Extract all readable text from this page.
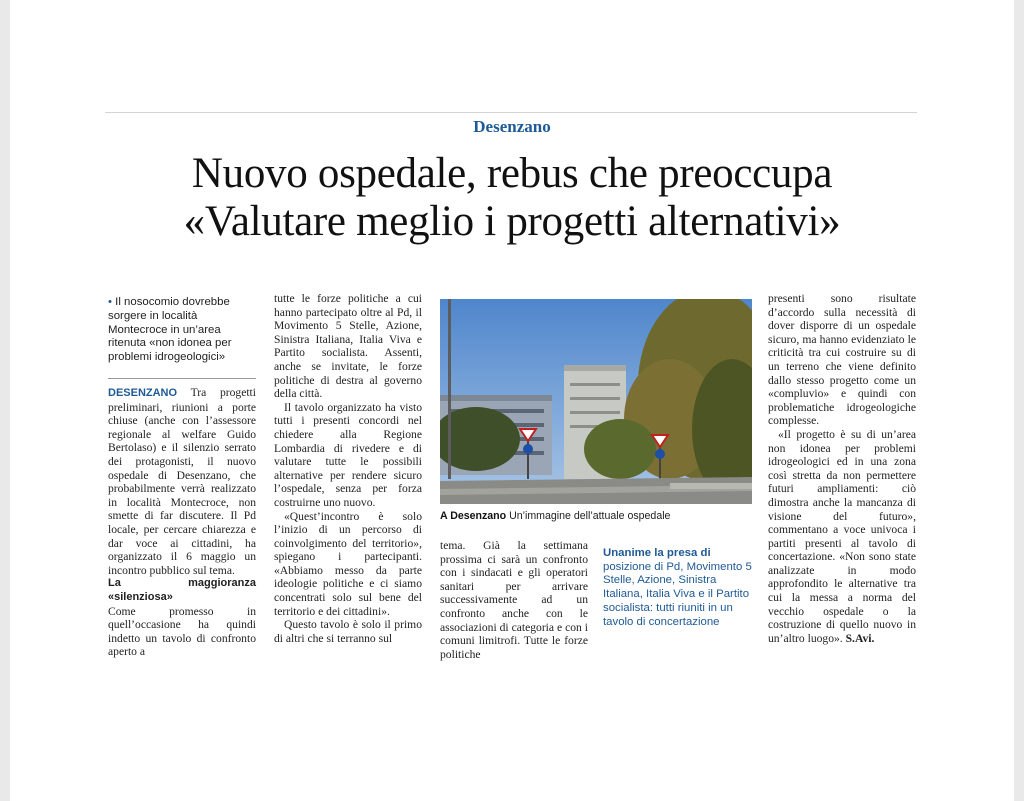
Desenzano
Nuovo ospedale, rebus che preoccupa
«Valutare meglio i progetti alternativi»
• Il nosocomio dovrebbe sorgere in località Montecroce in un’area ritenuta «non idonea per problemi idrogeologici»

DESENZANO Tra progetti preliminari, riunioni a porte chiuse (anche con l’assessore regionale al welfare Guido Bertolaso) e il silenzio serrato dei protagonisti, il nuovo ospedale di Desenzano, che probabilmente verrà realizzato in località Montecroce, non smette di far discutere. Il Pd locale, per cercare chiarezza e dar voce ai cittadini, ha organizzato il 6 maggio un incontro pubblico sul tema.

La maggioranza «silenziosa»

Come promesso in quell’occasione ha quindi indetto un tavolo di confronto aperto a

tutte le forze politiche a cui hanno partecipato oltre al Pd, il Movimento 5 Stelle, Azione, Sinistra Italiana, Italia Viva e Partito socialista. Assenti, anche se invitate, le forze politiche di destra al governo della città.

Il tavolo organizzato ha visto tutti i presenti concordi nel chiedere alla Regione Lombardia di rivedere e di valutare tutte le possibili alternative per rendere sicuro l’ospedale, senza per forza costruirne uno nuovo.

«Quest’incontro è solo l’inizio di un percorso di coinvolgimento del territorio», spiegano i partecipanti. «Abbiamo messo da parte ideologie politiche e ci siamo concentrati solo sul bene del territorio e dei cittadini».

Questo tavolo è solo il primo di altri che si terranno sul

A Desenzano Un’immagine dell’attuale ospedale

tema. Già la settimana prossima ci sarà un confronto con i sindacati e gli operatori sanitari per arrivare successivamente ad un confronto anche con le associazioni di categoria e con i comuni limitrofi. Tutte le forze politiche

Unanime la presa di posizione di Pd, Movimento 5 Stelle, Azione, Sinistra Italiana, Italia Viva e il Partito socialista: tutti riuniti in un tavolo di concertazione

presenti sono risultate d’accordo sulla necessità di dover disporre di un ospedale sicuro, ma hanno evidenziato le criticità tra cui costruire su di un terreno che viene definito dallo stesso progetto come un «compluvio» e quindi con problematiche idrogeologiche complesse.

«Il progetto è su di un’area non idonea per problemi idrogeologici ed in una zona così stretta da non permettere futuri ampliamenti: ciò dimostra anche la mancanza di visione del futuro», commentano a voce univoca i partiti presenti al tavolo di concertazione. «Non sono state analizzate in modo approfondito le alternative tra cui la messa a norma del vecchio ospedale o la costruzione di quello nuovo in un’altro luogo». S.Avi.
